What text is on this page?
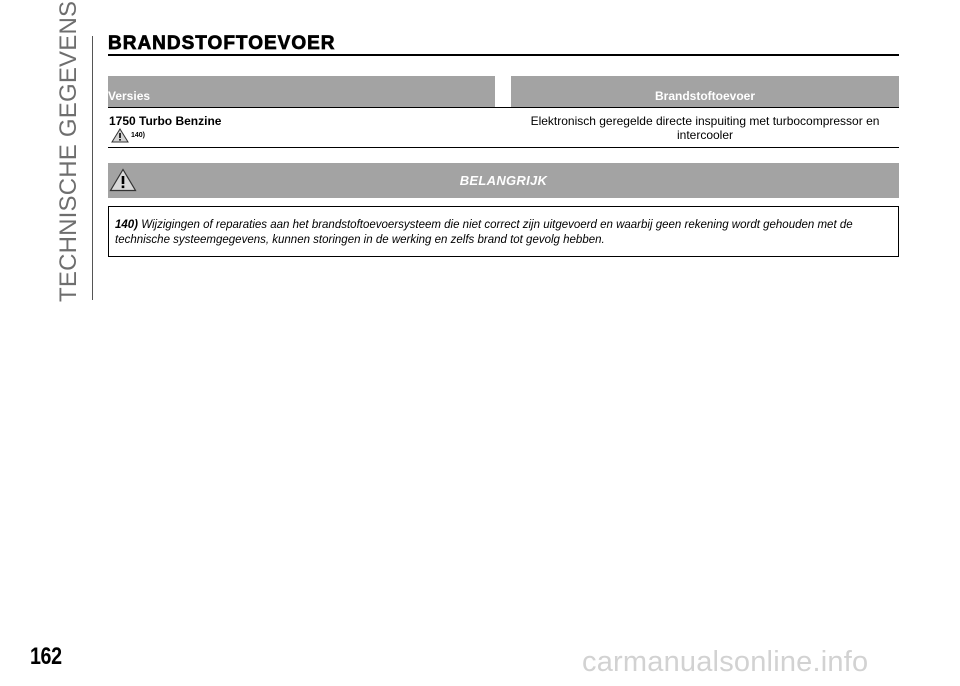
TECHNISCHE GEGEVENS BRANDSTOFTOEVOER
Versies	Brandstoftoevoer
1750 Turbo Benzine
140)
Elektronisch geregelde directe inspuiting met turbocompressor en intercooler
BELANGRIJK
140) Wijzigingen of reparaties aan het brandstoftoevoersysteem die niet correct zijn uitgevoerd en waarbij geen rekening wordt gehouden met de technische systeemgegevens, kunnen storingen in de werking en zelfs brand tot gevolg hebben.
162	carmanualsonline.info
